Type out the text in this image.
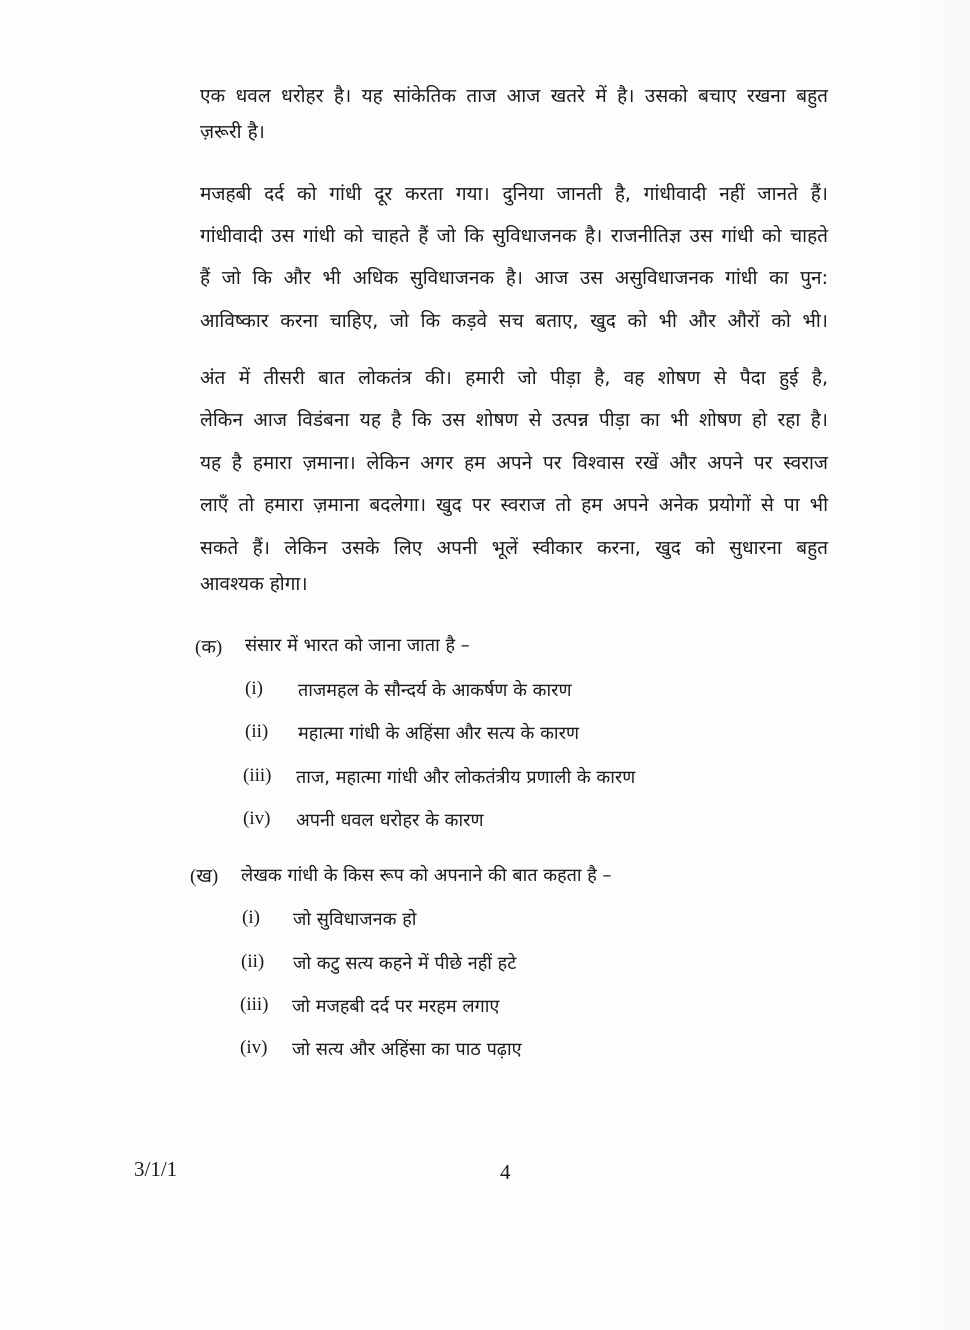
एक धवल धरोहर है। यह सांकेतिक ताज आज खतरे में है। उसको बचाए रखना बहुत
ज़रूरी है।
मजहबी दर्द को गांधी दूर करता गया। दुनिया जानती है, गांधीवादी नहीं जानते हैं।
गांधीवादी उस गांधी को चाहते हैं जो कि सुविधाजनक है। राजनीतिज्ञ उस गांधी को चाहते
हैं जो कि और भी अधिक सुविधाजनक है। आज उस असुविधाजनक गांधी का पुन:
आविष्कार करना चाहिए, जो कि कड़वे सच बताए, खुद को भी और औरों को भी।
अंत में तीसरी बात लोकतंत्र की। हमारी जो पीड़ा है, वह शोषण से पैदा हुई है,
लेकिन आज विडंबना यह है कि उस शोषण से उत्पन्न पीड़ा का भी शोषण हो रहा है।
यह है हमारा ज़माना। लेकिन अगर हम अपने पर विश्वास रखें और अपने पर स्वराज
लाएँ तो हमारा ज़माना बदलेगा। खुद पर स्वराज तो हम अपने अनेक प्रयोगों से पा भी
सकते हैं। लेकिन उसके लिए अपनी भूलें स्वीकार करना, खुद को सुधारना बहुत
आवश्यक होगा।
(क) संसार में भारत को जाना जाता है –
(i) ताजमहल के सौन्दर्य के आकर्षण के कारण
(ii) महात्मा गांधी के अहिंसा और सत्य के कारण
(iii) ताज, महात्मा गांधी और लोकतंत्रीय प्रणाली के कारण
(iv) अपनी धवल धरोहर के कारण
(ख) लेखक गांधी के किस रूप को अपनाने की बात कहता है –
(i) जो सुविधाजनक हो
(ii) जो कटु सत्य कहने में पीछे नहीं हटे
(iii) जो मजहबी दर्द पर मरहम लगाए
(iv) जो सत्य और अहिंसा का पाठ पढ़ाए
3/1/1	4
